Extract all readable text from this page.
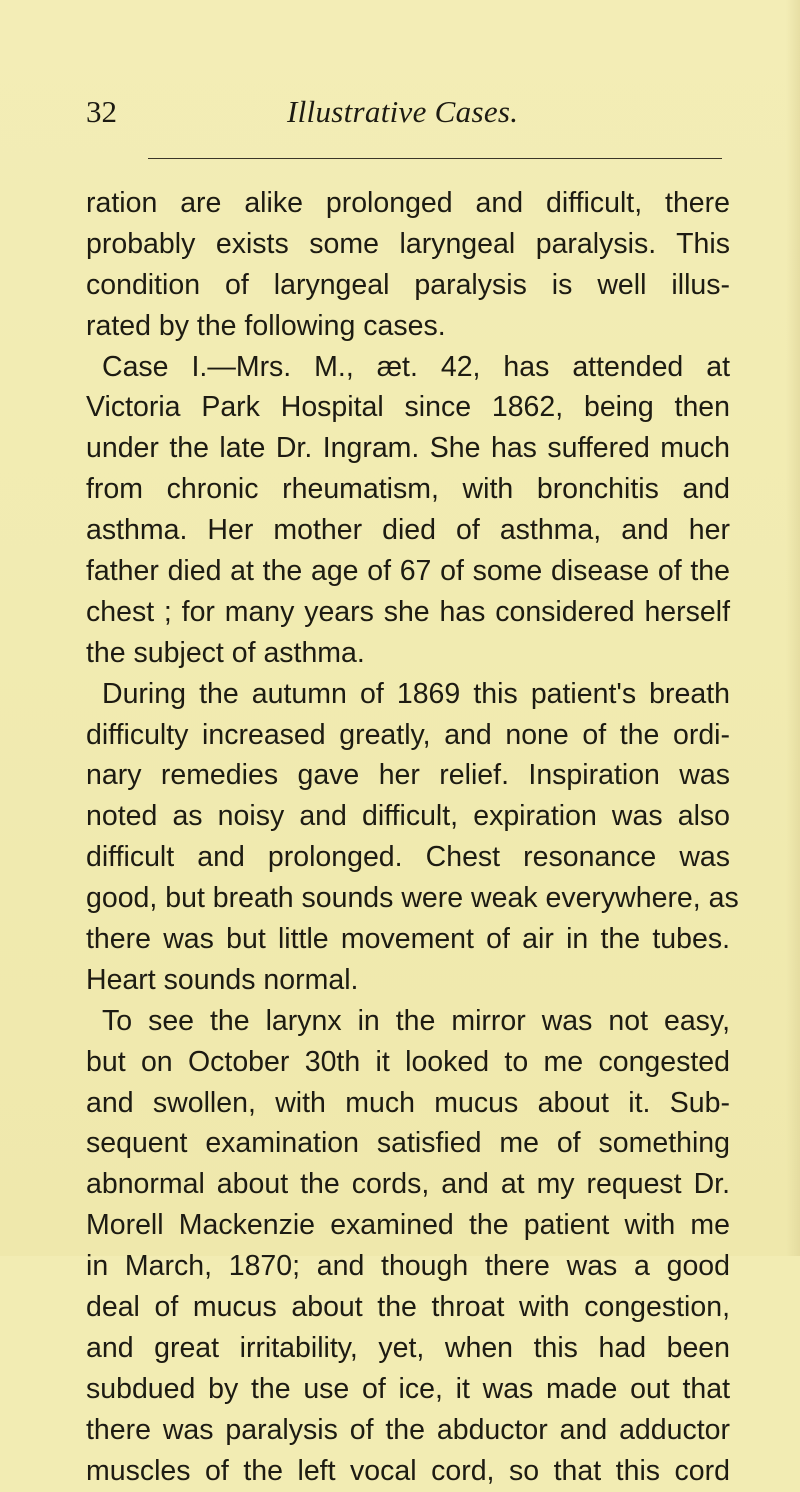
32	Illustrative Cases.
ration are alike prolonged and difficult, there
probably exists some laryngeal paralysis. This
condition of laryngeal paralysis is well illus-
rated by the following cases.
Case I.—Mrs. M., æt. 42, has attended at
Victoria Park Hospital since 1862, being then
under the late Dr. Ingram. She has suffered much
from chronic rheumatism, with bronchitis and
asthma. Her mother died of asthma, and her
father died at the age of 67 of some disease of the
chest ; for many years she has considered herself
the subject of asthma.
During the autumn of 1869 this patient's breath
difficulty increased greatly, and none of the ordi-
nary remedies gave her relief. Inspiration was
noted as noisy and difficult, expiration was also
difficult and prolonged. Chest resonance was
good, but breath sounds were weak everywhere, as
there was but little movement of air in the tubes.
Heart sounds normal.
To see the larynx in the mirror was not easy,
but on October 30th it looked to me congested
and swollen, with much mucus about it. Sub-
sequent examination satisfied me of something
abnormal about the cords, and at my request Dr.
Morell Mackenzie examined the patient with me
in March, 1870; and though there was a good
deal of mucus about the throat with congestion,
and great irritability, yet, when this had been
subdued by the use of ice, it was made out that
there was paralysis of the abductor and adductor
muscles of the left vocal cord, so that this cord
